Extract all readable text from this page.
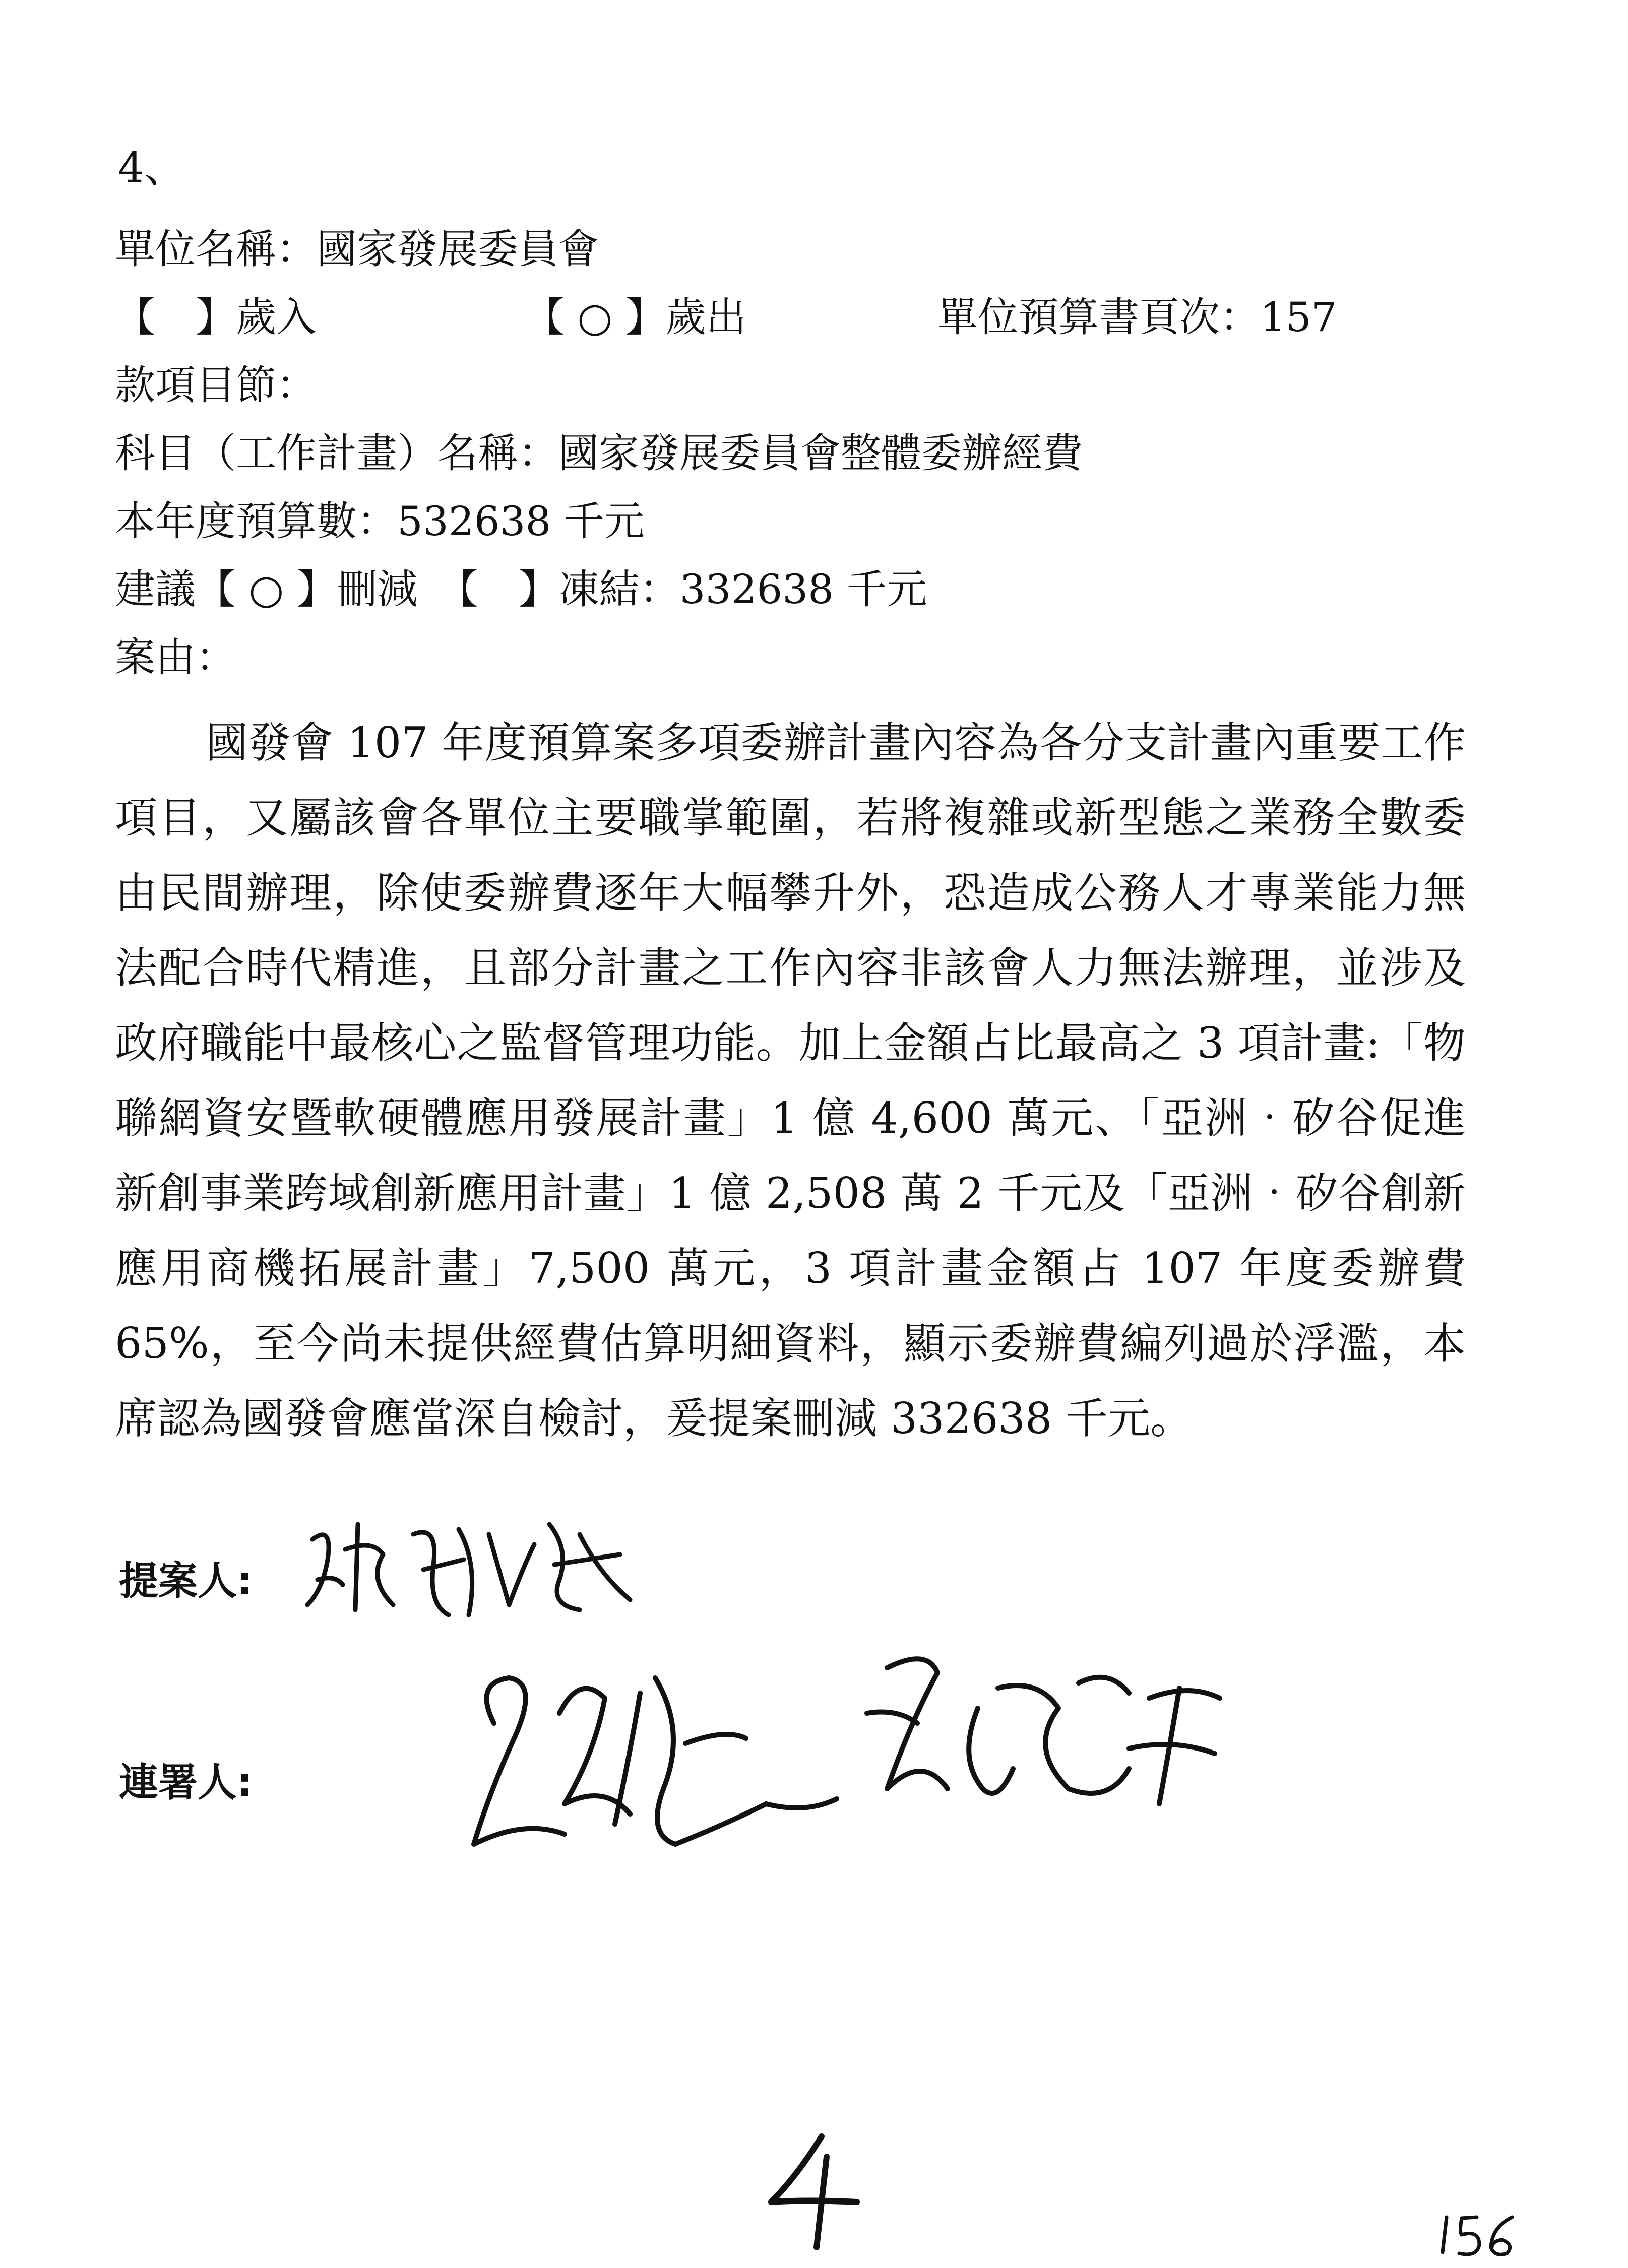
4、
單位名稱：國家發展委員會
【　】歲入	【 ○ 】歲出	單位預算書頁次：157
款項目節：
科目（工作計畫）名稱：國家發展委員會整體委辦經費
本年度預算數：532638 千元
建議【 ○ 】刪減　【　】凍結：332638 千元
案由：
國發會 107 年度預算案多項委辦計畫內容為各分支計畫內重要工作項目，又屬該會各單位主要職掌範圍，若將複雜或新型態之業務全數委由民間辦理，除使委辦費逐年大幅攀升外，恐造成公務人才專業能力無法配合時代精進，且部分計畫之工作內容非該會人力無法辦理，並涉及政府職能中最核心之監督管理功能。加上金額占比最高之 3 項計畫:「物聯網資安暨軟硬體應用發展計畫」1 億 4,600 萬元、「亞洲‧矽谷促進新創事業跨域創新應用計畫」1 億 2,508 萬 2 千元及「亞洲‧矽谷創新應用商機拓展計畫」7,500 萬元，3 項計畫金額占 107 年度委辦費 65%，至今尚未提供經費估算明細資料，顯示委辦費編列過於浮濫，本席認為國發會應當深自檢討，爰提案刪減 332638 千元。
提案人:
連署人:
